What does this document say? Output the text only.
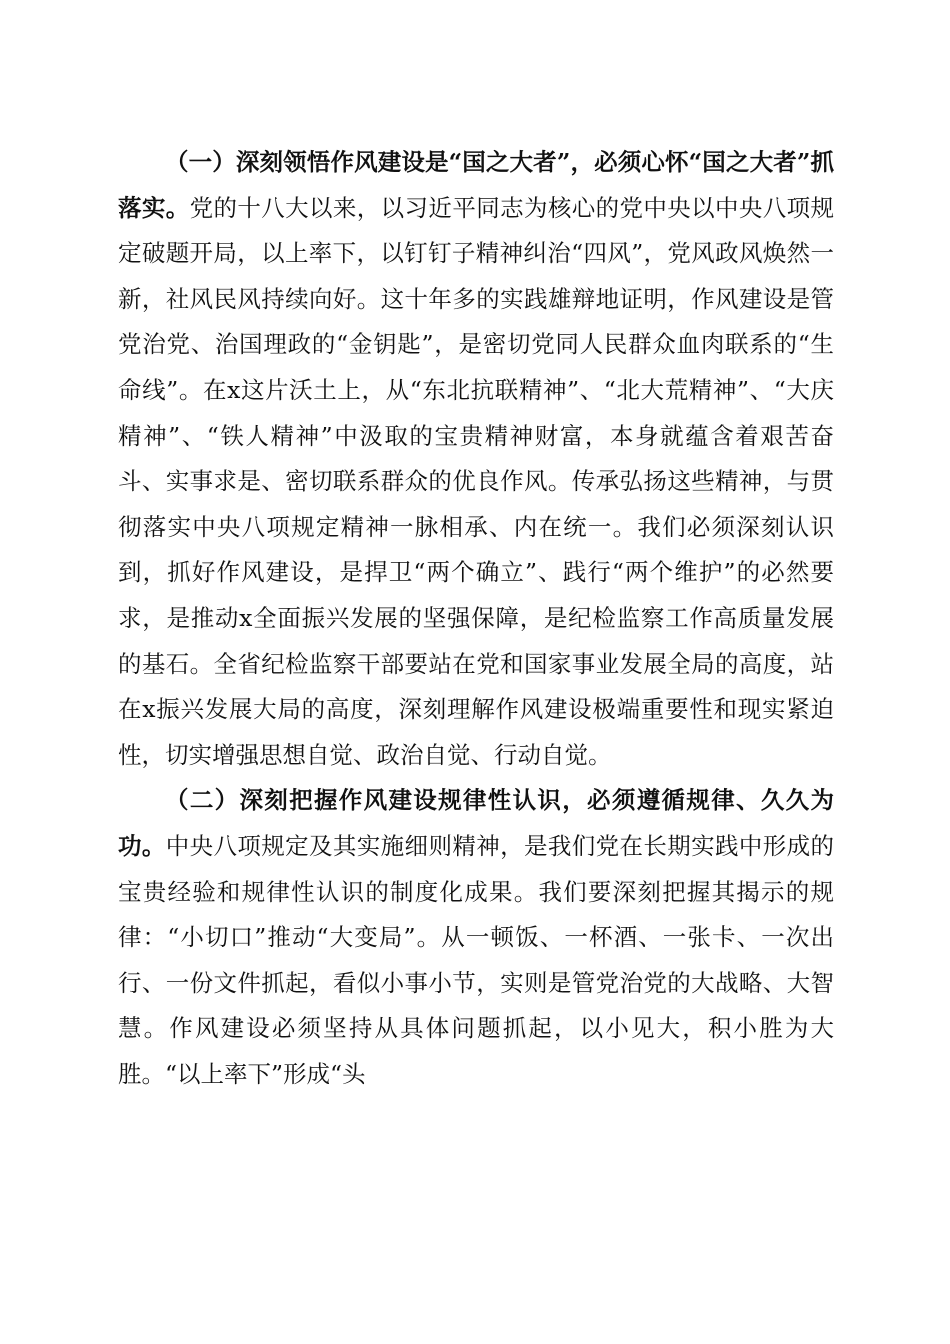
（一）深刻领悟作风建设是“国之大者”，必须心怀“国之大者”抓落实。党的十八大以来，以习近平同志为核心的党中央以中央八项规定破题开局，以上率下，以钉钉子精神纠治“四风”，党风政风焕然一新，社风民风持续向好。这十年多的实践雄辩地证明，作风建设是管党治党、治国理政的“金钥匙”，是密切党同人民群众血肉联系的“生命线”。在x这片沃土上，从“东北抗联精神”、“北大荒精神”、“大庆精神”、“铁人精神”中汲取的宝贵精神财富，本身就蕴含着艰苦奋斗、实事求是、密切联系群众的优良作风。传承弘扬这些精神，与贯彻落实中央八项规定精神一脉相承、内在统一。我们必须深刻认识到，抓好作风建设，是捍卫“两个确立”、践行“两个维护”的必然要求，是推动x全面振兴发展的坚强保障，是纪检监察工作高质量发展的基石。全省纪检监察干部要站在党和国家事业发展全局的高度，站在x振兴发展大局的高度，深刻理解作风建设极端重要性和现实紧迫性，切实增强思想自觉、政治自觉、行动自觉。

（二）深刻把握作风建设规律性认识，必须遵循规律、久久为功。中央八项规定及其实施细则精神，是我们党在长期实践中形成的宝贵经验和规律性认识的制度化成果。我们要深刻把握其揭示的规律：“小切口”推动“大变局”。从一顿饭、一杯酒、一张卡、一次出行、一份文件抓起，看似小事小节，实则是管党治党的大战略、大智慧。作风建设必须坚持从具体问题抓起，以小见大，积小胜为大胜。“以上率下”形成“头
